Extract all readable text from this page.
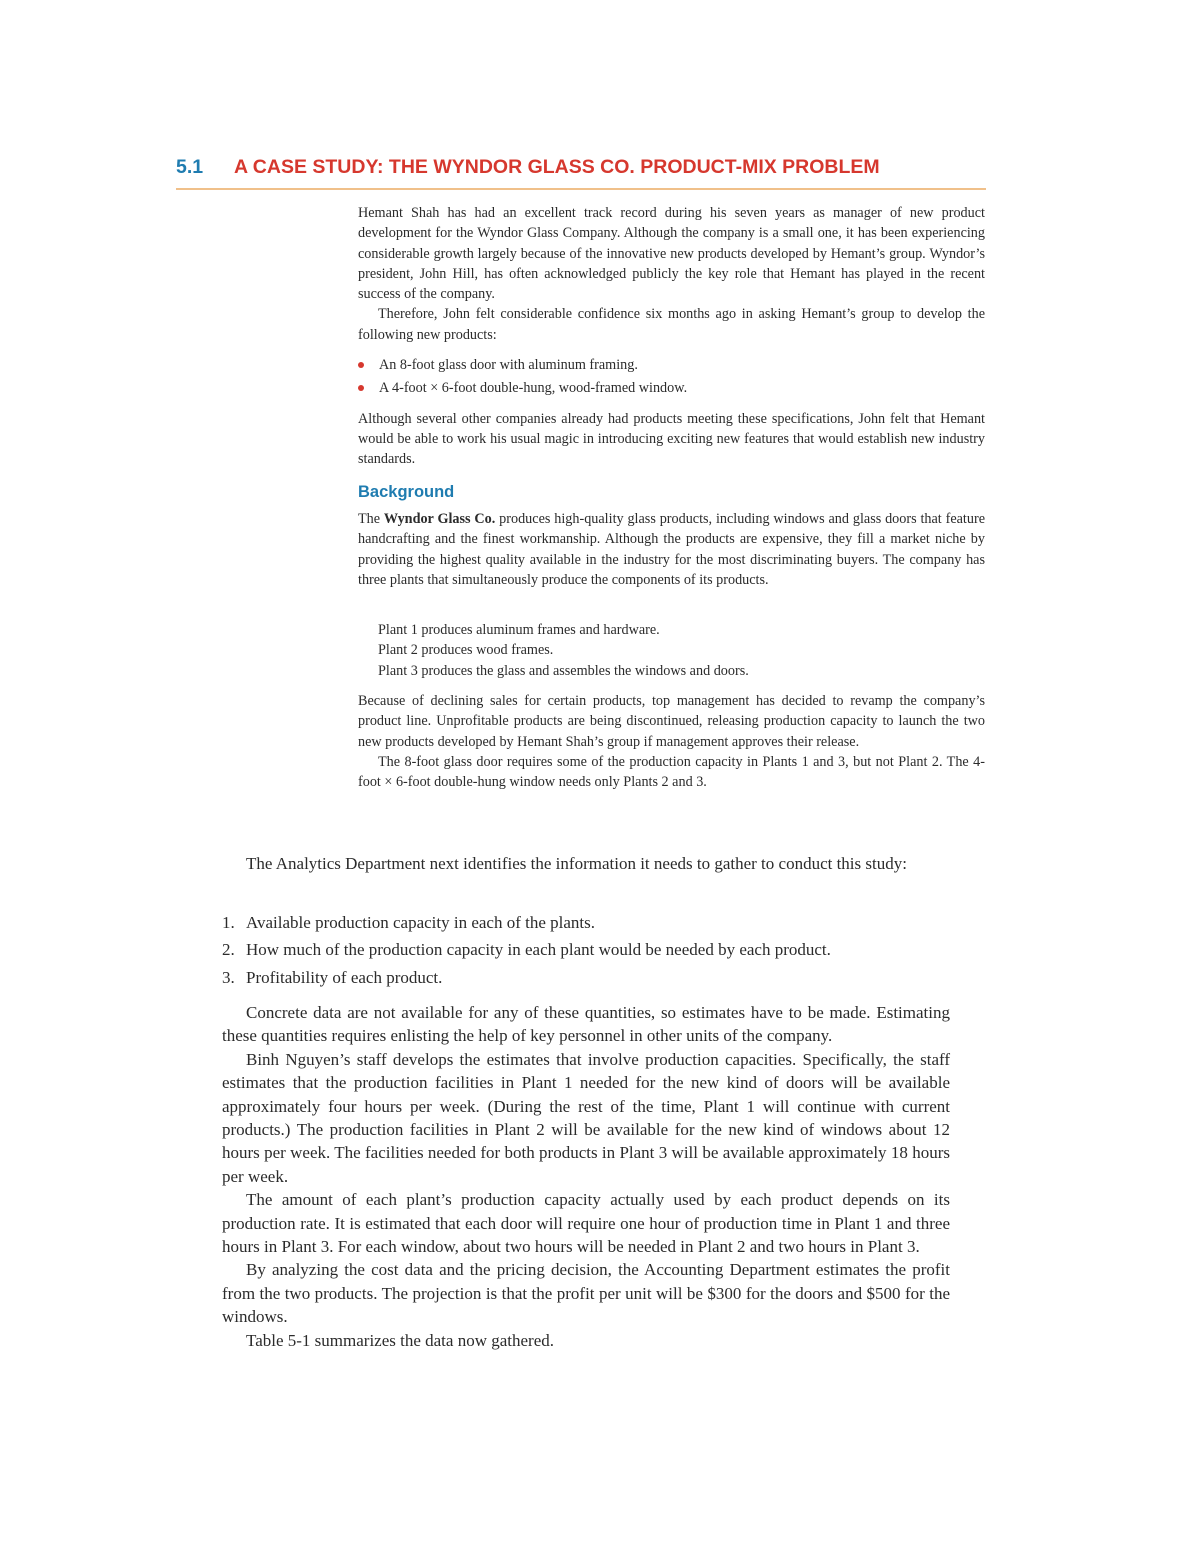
5.1 A CASE STUDY: THE WYNDOR GLASS CO. PRODUCT-MIX PROBLEM

Hemant Shah has had an excellent track record during his seven years as manager of new product development for the Wyndor Glass Company. Although the company is a small one, it has been experiencing considerable growth largely because of the innovative new products developed by Hemant’s group. Wyndor’s president, John Hill, has often acknowledged publicly the key role that Hemant has played in the recent success of the company.

Therefore, John felt considerable confidence six months ago in asking Hemant’s group to develop the following new products:

An 8-foot glass door with aluminum framing.
A 4-foot × 6-foot double-hung, wood-framed window.

Although several other companies already had products meeting these specifications, John felt that Hemant would be able to work his usual magic in introducing exciting new features that would establish new industry standards.

Background

The Wyndor Glass Co. produces high-quality glass products, including windows and glass doors that feature handcrafting and the finest workmanship. Although the products are expensive, they fill a market niche by providing the highest quality available in the industry for the most discriminating buyers. The company has three plants that simultaneously produce the components of its products.

Plant 1 produces aluminum frames and hardware.
Plant 2 produces wood frames.
Plant 3 produces the glass and assembles the windows and doors.

Because of declining sales for certain products, top management has decided to revamp the company’s product line. Unprofitable products are being discontinued, releasing production capacity to launch the two new products developed by Hemant Shah’s group if management approves their release.

The 8-foot glass door requires some of the production capacity in Plants 1 and 3, but not Plant 2. The 4-foot × 6-foot double-hung window needs only Plants 2 and 3.

The Analytics Department next identifies the information it needs to gather to conduct this study:

1. Available production capacity in each of the plants.
2. How much of the production capacity in each plant would be needed by each product.
3. Profitability of each product.

Concrete data are not available for any of these quantities, so estimates have to be made. Estimating these quantities requires enlisting the help of key personnel in other units of the company.

Binh Nguyen’s staff develops the estimates that involve production capacities. Specifically, the staff estimates that the production facilities in Plant 1 needed for the new kind of doors will be available approximately four hours per week. (During the rest of the time, Plant 1 will continue with current products.) The production facilities in Plant 2 will be available for the new kind of windows about 12 hours per week. The facilities needed for both products in Plant 3 will be available approximately 18 hours per week.

The amount of each plant’s production capacity actually used by each product depends on its production rate. It is estimated that each door will require one hour of production time in Plant 1 and three hours in Plant 3. For each window, about two hours will be needed in Plant 2 and two hours in Plant 3.

By analyzing the cost data and the pricing decision, the Accounting Department estimates the profit from the two products. The projection is that the profit per unit will be $300 for the doors and $500 for the windows.

Table 5-1 summarizes the data now gathered.
